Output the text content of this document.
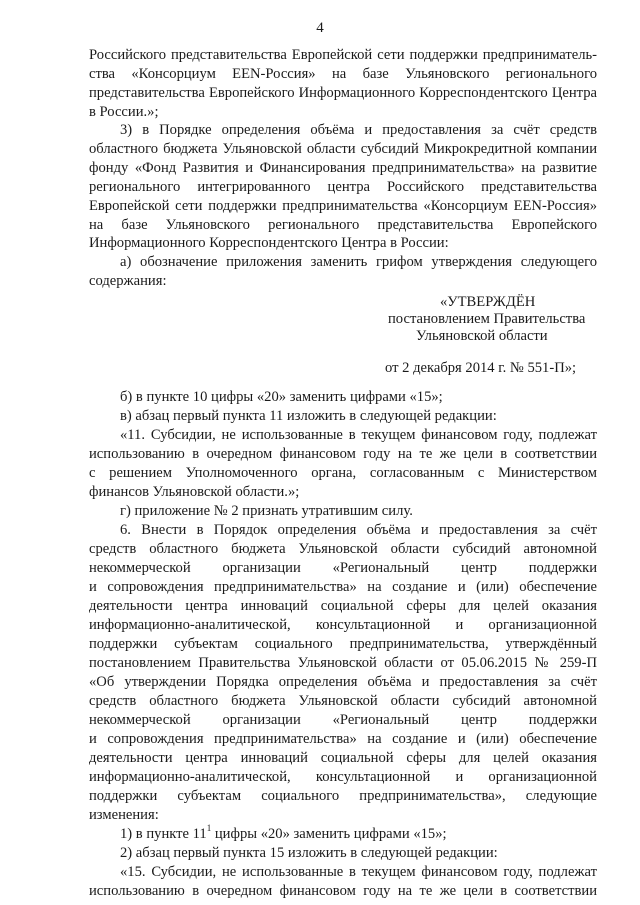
4
Российского представительства Европейской сети поддержки предприниматель-
ства «Консорциум EEN-Россия» на базе Ульяновского регионального
представительства Европейского Информационного Корреспондентского Центра
в России.»;
3) в Порядке определения объёма и предоставления за счёт средств
областного бюджета Ульяновской области субсидий Микрокредитной компании
фонду «Фонд Развития и Финансирования предпринимательства» на развитие
регионального интегрированного центра Российского представительства
Европейской сети поддержки предпринимательства «Консорциум EEN-Россия»
на базе Ульяновского регионального представительства Европейского
Информационного Корреспондентского Центра в России:
а) обозначение приложения заменить грифом утверждения следующего
содержания:
«УТВЕРЖДЁН
постановлением Правительства
Ульяновской области
от 2 декабря 2014 г. № 551-П»;
б) в пункте 10 цифры «20» заменить цифрами «15»;
в) абзац первый пункта 11 изложить в следующей редакции:
«11. Субсидии, не использованные в текущем финансовом году, подлежат
использованию в очередном финансовом году на те же цели в соответствии
с решением Уполномоченного органа, согласованным с Министерством
финансов Ульяновской области.»;
г) приложение № 2 признать утратившим силу.
6. Внести в Порядок определения объёма и предоставления за счёт
средств областного бюджета Ульяновской области субсидий автономной
некоммерческой организации «Региональный центр поддержки
и сопровождения предпринимательства» на создание и (или) обеспечение
деятельности центра инноваций социальной сферы для целей оказания
информационно-аналитической, консультационной и организационной
поддержки субъектам социального предпринимательства, утверждённый
постановлением Правительства Ульяновской области от 05.06.2015 № 259-П
«Об утверждении Порядка определения объёма и предоставления за счёт
средств областного бюджета Ульяновской области субсидий автономной
некоммерческой организации «Региональный центр поддержки
и сопровождения предпринимательства» на создание и (или) обеспечение
деятельности центра инноваций социальной сферы для целей оказания
информационно-аналитической, консультационной и организационной
поддержки субъектам социального предпринимательства», следующие
изменения:
1) в пункте $11^1$ цифры «20» заменить цифрами «15»;
2) абзац первый пункта 15 изложить в следующей редакции:
«15. Субсидии, не использованные в текущем финансовом году, подлежат
использованию в очередном финансовом году на те же цели в соответствии
